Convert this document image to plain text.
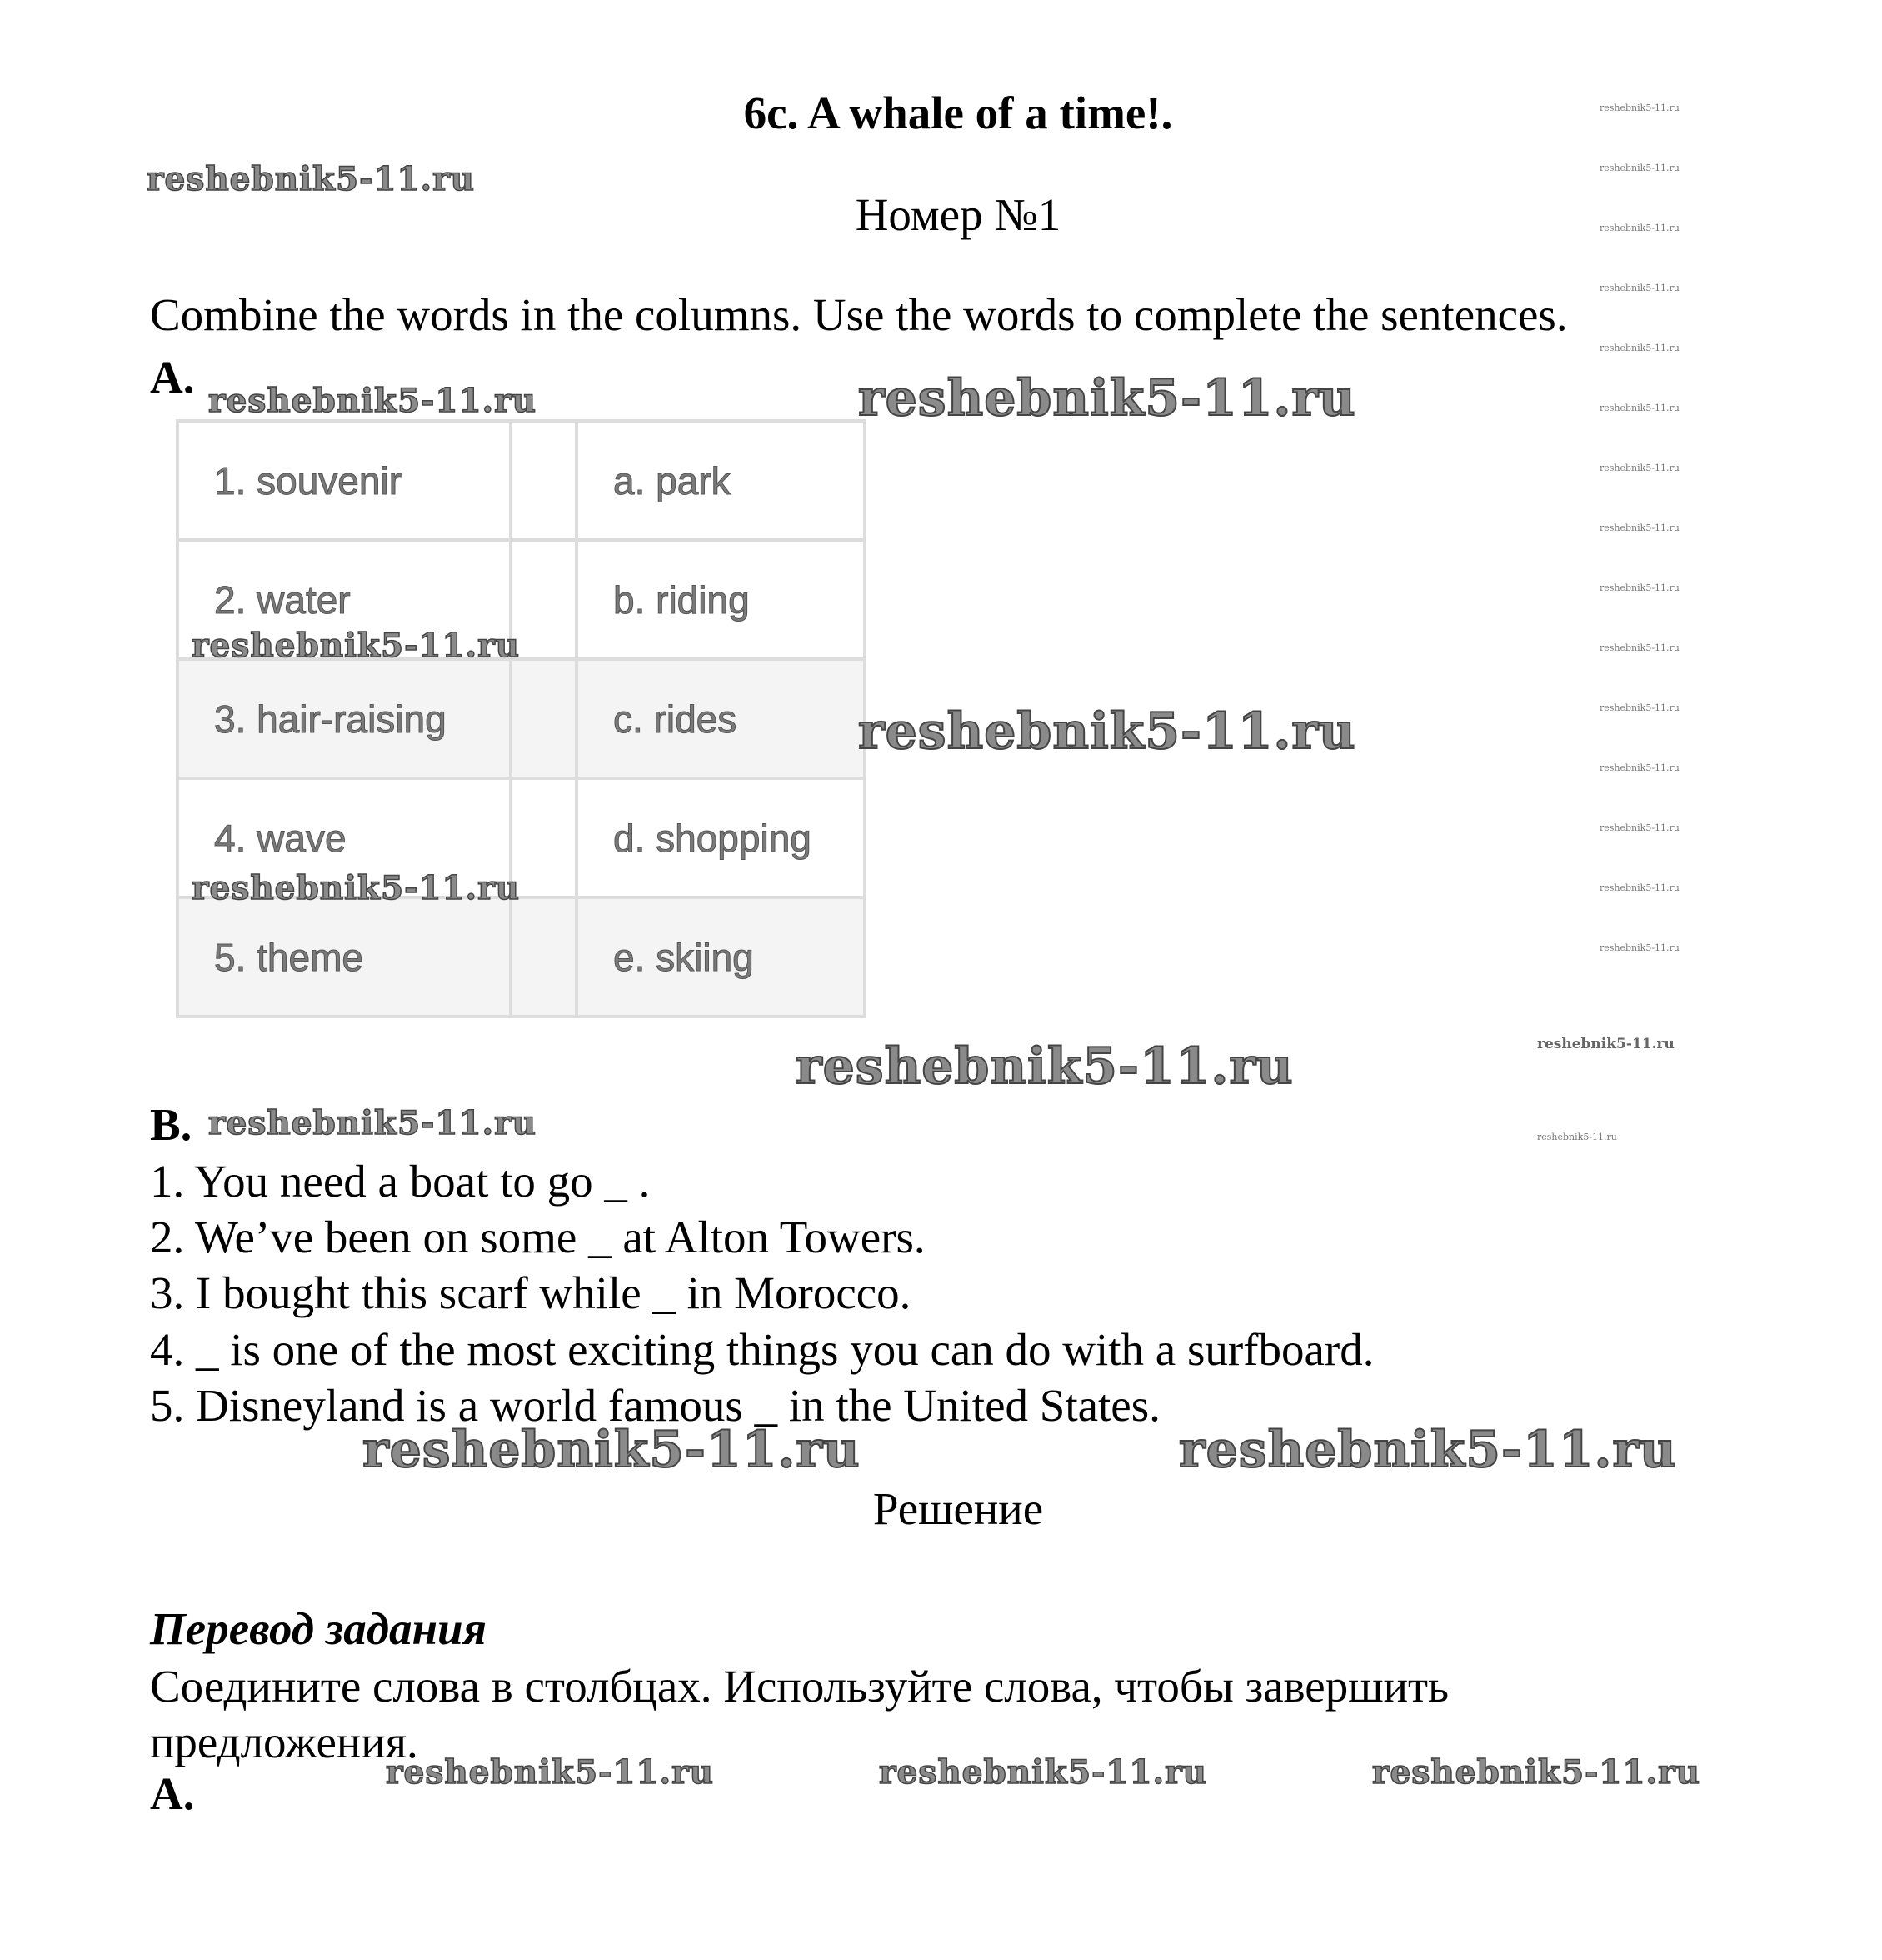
6c. A whale of a time!.
Номер №1
Combine the words in the columns. Use the words to complete the sentences.
A.
1. souvenir		a. park
2. water		b. riding
3. hair-raising		c. rides
4. wave		d. shopping
5. theme		e. skiing
B.
1. You need a boat to go _ .
2. We’ve been on some _ at Alton Towers.
3. I bought this scarf while _ in Morocco.
4. _ is one of the most exciting things you can do with a surfboard.
5. Disneyland is a world famous _ in the United States.
Решение
Перевод задания
Соедините слова в столбцах. Используйте слова, чтобы завершить предложения.
A.
reshebnik5-11.ru
reshebnik5-11.ru	reshebnik5-11.ru
reshebnik5-11.ru
reshebnik5-11.ru
reshebnik5-11.ru
reshebnik5-11.ru
reshebnik5-11.ru
reshebnik5-11.ru	reshebnik5-11.ru
reshebnik5-11.ru	reshebnik5-11.ru	reshebnik5-11.ru
reshebnik5-11.ru
reshebnik5-11.ru
reshebnik5-11.ru
reshebnik5-11.ru
reshebnik5-11.ru
reshebnik5-11.ru
reshebnik5-11.ru
reshebnik5-11.ru
reshebnik5-11.ru
reshebnik5-11.ru
reshebnik5-11.ru
reshebnik5-11.ru
reshebnik5-11.ru
reshebnik5-11.ru
reshebnik5-11.ru
reshebnik5-11.ru
reshebnik5-11.ru
